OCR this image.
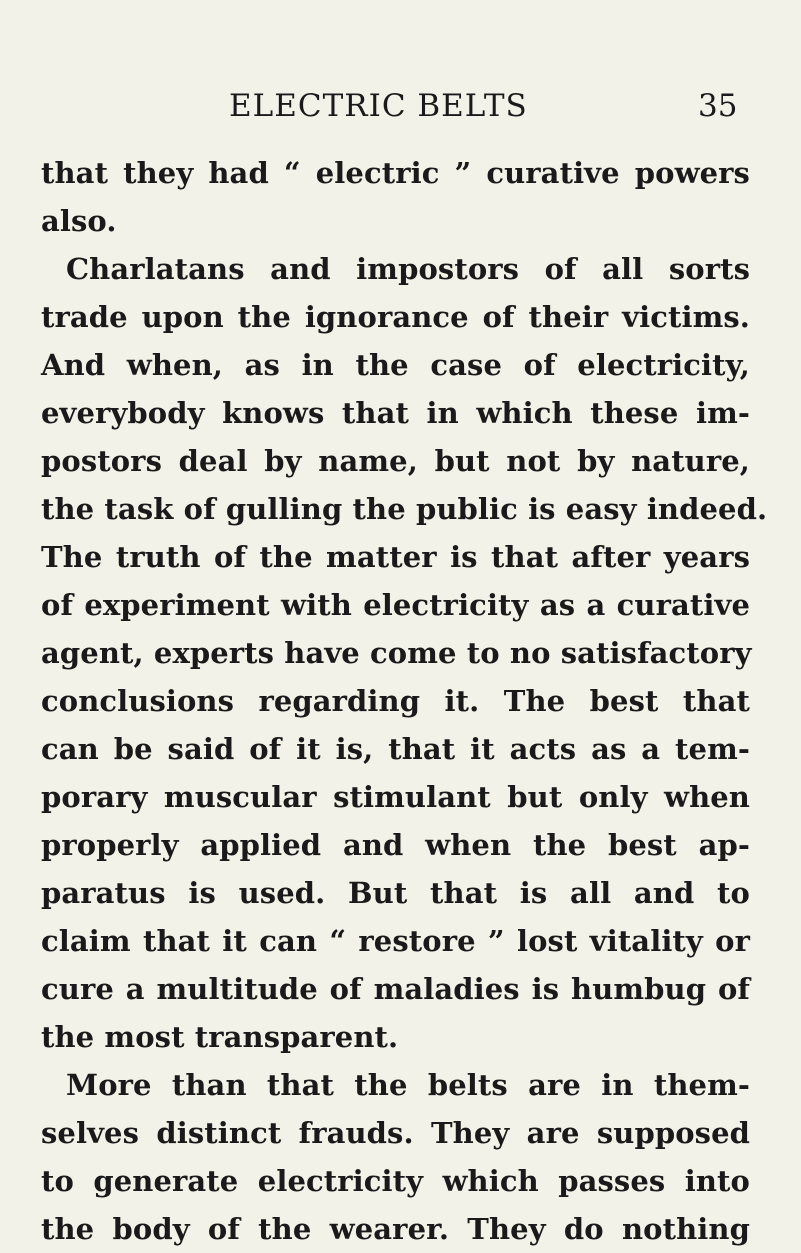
ELECTRIC BELTS	35
that they had “ electric ” curative powers
also.
Charlatans and impostors of all sorts
trade upon the ignorance of their victims.
And when, as in the case of electricity,
everybody knows that in which these im-
postors deal by name, but not by nature,
the task of gulling the public is easy indeed.
The truth of the matter is that after years
of experiment with electricity as a curative
agent, experts have come to no satisfactory
conclusions regarding it. The best that
can be said of it is, that it acts as a tem-
porary muscular stimulant but only when
properly applied and when the best ap-
paratus is used. But that is all and to
claim that it can “ restore ” lost vitality or
cure a multitude of maladies is humbug of
the most transparent.
More than that the belts are in them-
selves distinct frauds. They are supposed
to generate electricity which passes into
the body of the wearer. They do nothing
